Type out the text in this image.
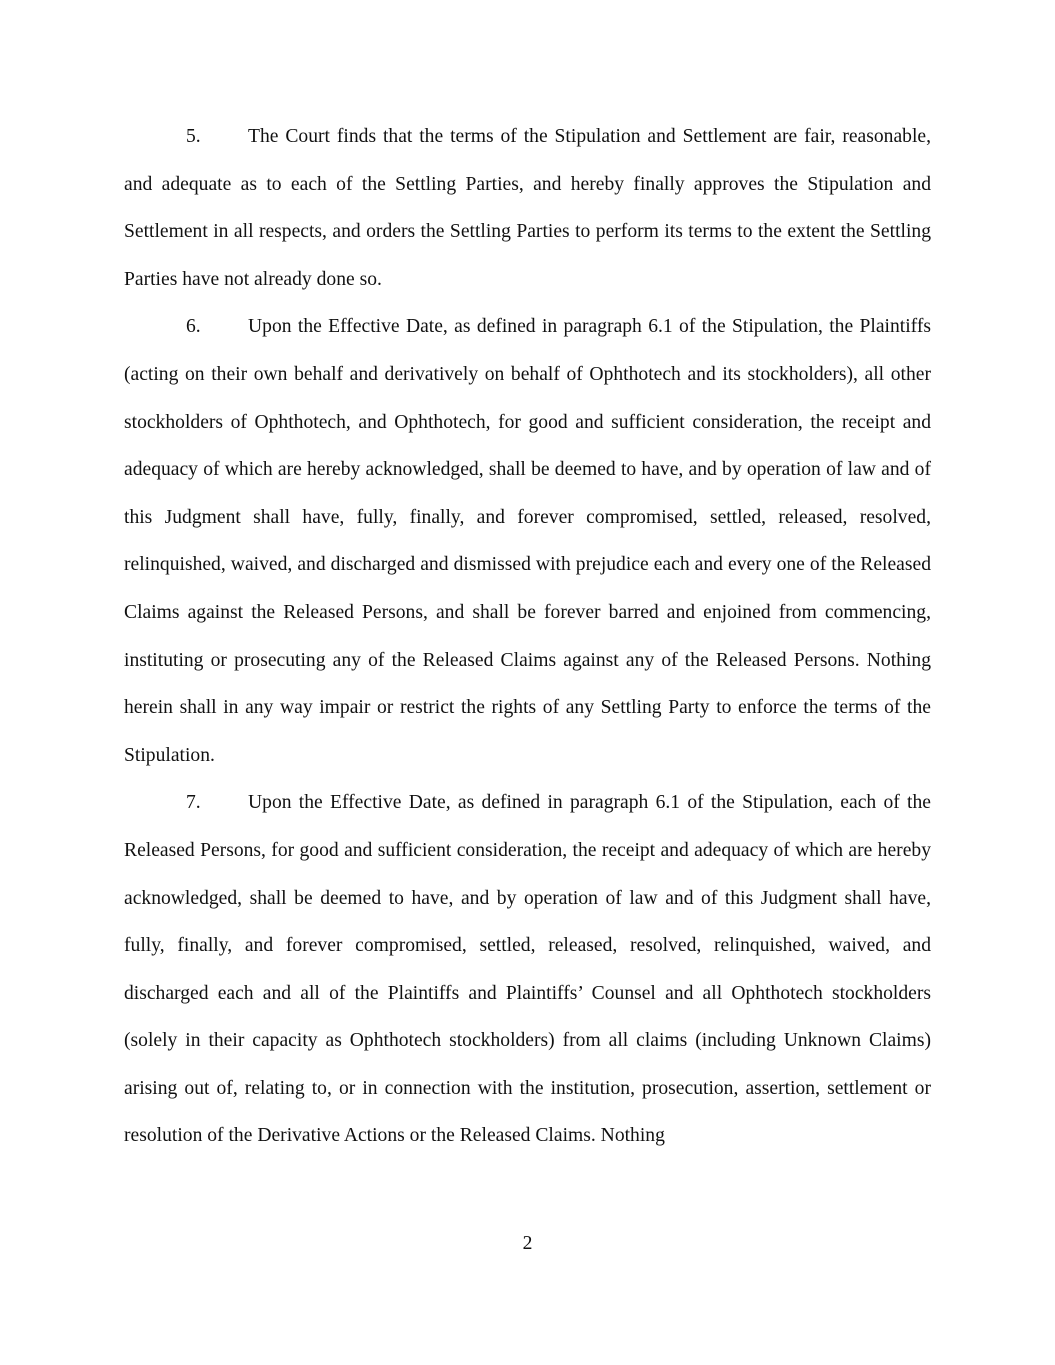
5. The Court finds that the terms of the Stipulation and Settlement are fair, reasonable, and adequate as to each of the Settling Parties, and hereby finally approves the Stipulation and Settlement in all respects, and orders the Settling Parties to perform its terms to the extent the Settling Parties have not already done so.

6. Upon the Effective Date, as defined in paragraph 6.1 of the Stipulation, the Plaintiffs (acting on their own behalf and derivatively on behalf of Ophthotech and its stockholders), all other stockholders of Ophthotech, and Ophthotech, for good and sufficient consideration, the receipt and adequacy of which are hereby acknowledged, shall be deemed to have, and by operation of law and of this Judgment shall have, fully, finally, and forever compromised, settled, released, resolved, relinquished, waived, and discharged and dismissed with prejudice each and every one of the Released Claims against the Released Persons, and shall be forever barred and enjoined from commencing, instituting or prosecuting any of the Released Claims against any of the Released Persons. Nothing herein shall in any way impair or restrict the rights of any Settling Party to enforce the terms of the Stipulation.

7. Upon the Effective Date, as defined in paragraph 6.1 of the Stipulation, each of the Released Persons, for good and sufficient consideration, the receipt and adequacy of which are hereby acknowledged, shall be deemed to have, and by operation of law and of this Judgment shall have, fully, finally, and forever compromised, settled, released, resolved, relinquished, waived, and discharged each and all of the Plaintiffs and Plaintiffs’ Counsel and all Ophthotech stockholders (solely in their capacity as Ophthotech stockholders) from all claims (including Unknown Claims) arising out of, relating to, or in connection with the institution, prosecution, assertion, settlement or resolution of the Derivative Actions or the Released Claims. Nothing

2
